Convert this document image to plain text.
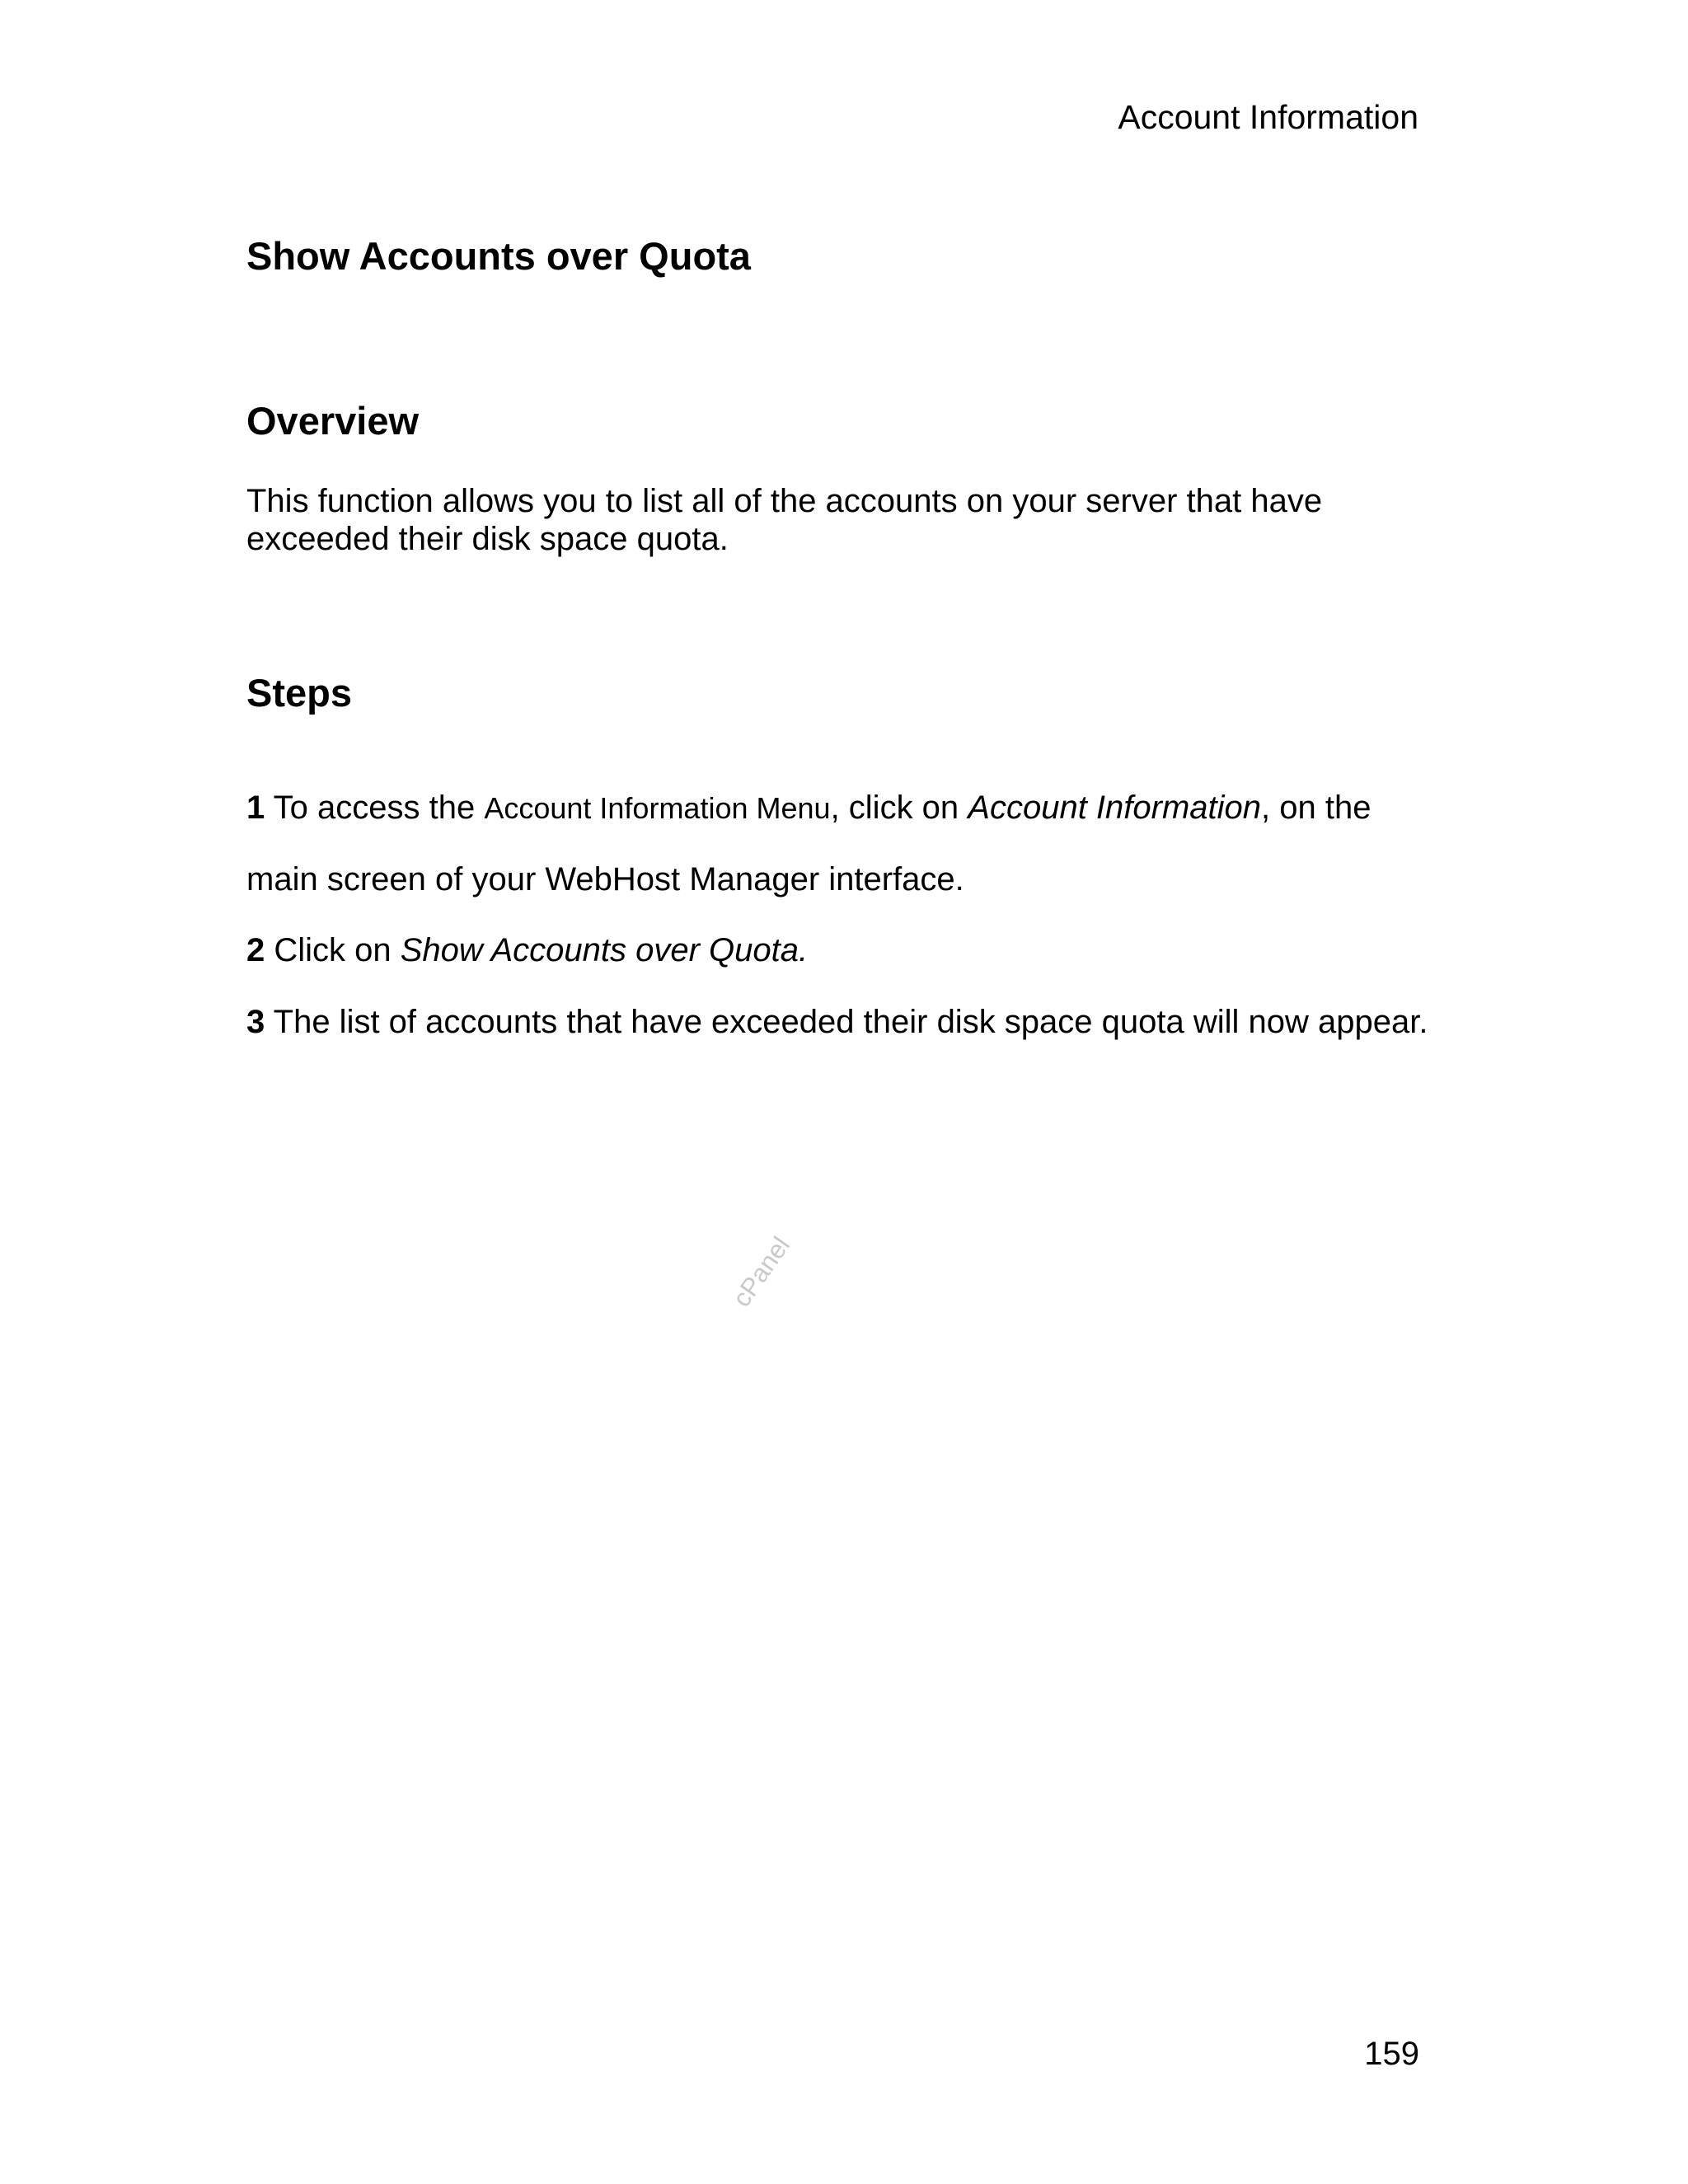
Account Information
Show Accounts over Quota
Overview

This function allows you to list all of the accounts on your server that have exceeded their disk space quota.

Steps

1 To access the Account Information Menu, click on Account Information, on the

main screen of your WebHost Manager interface.

2 Click on Show Accounts over Quota.

3 The list of accounts that have exceeded their disk space quota will now appear.

cPanel
159
